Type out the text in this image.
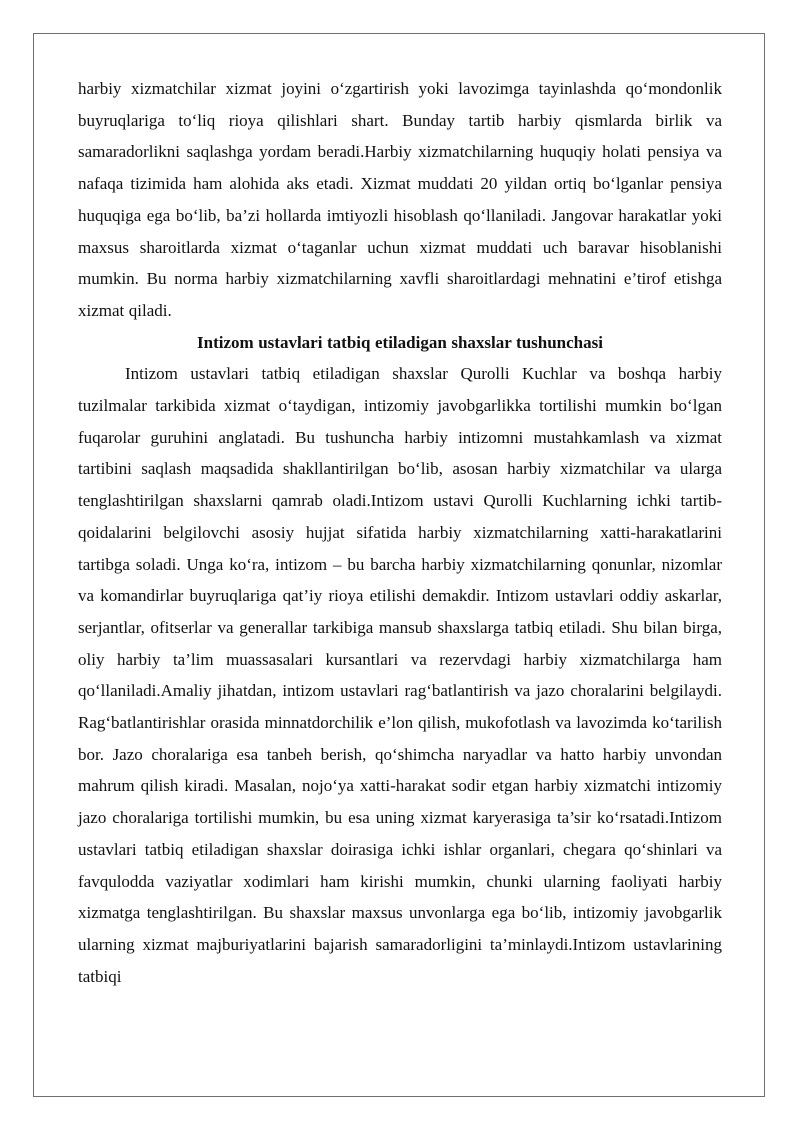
harbiy xizmatchilar xizmat joyini o‘zgartirish yoki lavozimga tayinlashda qo‘mondonlik buyruqlariga to‘liq rioya qilishlari shart. Bunday tartib harbiy qismlarda birlik va samaradorlikni saqlashga yordam beradi.Harbiy xizmatchilarning huquqiy holati pensiya va nafaqa tizimida ham alohida aks etadi. Xizmat muddati 20 yildan ortiq bo‘lganlar pensiya huquqiga ega bo‘lib, ba’zi hollarda imtiyozli hisoblash qo‘llaniladi. Jangovar harakatlar yoki maxsus sharoitlarda xizmat o‘taganlar uchun xizmat muddati uch baravar hisoblanishi mumkin. Bu norma harbiy xizmatchilarning xavfli sharoitlardagi mehnatini e’tirof etishga xizmat qiladi.

Intizom ustavlari tatbiq etiladigan shaxslar tushunchasi

Intizom ustavlari tatbiq etiladigan shaxslar Qurolli Kuchlar va boshqa harbiy tuzilmalar tarkibida xizmat o‘taydigan, intizomiy javobgarlikka tortilishi mumkin bo‘lgan fuqarolar guruhini anglatadi. Bu tushuncha harbiy intizomni mustahkamlash va xizmat tartibini saqlash maqsadida shakllantirilgan bo‘lib, asosan harbiy xizmatchilar va ularga tenglashtirilgan shaxslarni qamrab oladi.Intizom ustavi Qurolli Kuchlarning ichki tartib-qoidalarini belgilovchi asosiy hujjat sifatida harbiy xizmatchilarning xatti-harakatlarini tartibga soladi. Unga ko‘ra, intizom – bu barcha harbiy xizmatchilarning qonunlar, nizomlar va komandirlar buyruqlariga qat’iy rioya etilishi demakdir. Intizom ustavlari oddiy askarlar, serjantlar, ofitserlar va generallar tarkibiga mansub shaxslarga tatbiq etiladi. Shu bilan birga, oliy harbiy ta’lim muassasalari kursantlari va rezervdagi harbiy xizmatchilarga ham qo‘llaniladi.Amaliy jihatdan, intizom ustavlari rag‘batlantirish va jazo choralarini belgilaydi. Rag‘batlantirishlar orasida minnatdorchilik e’lon qilish, mukofotlash va lavozimda ko‘tarilish bor. Jazo choralariga esa tanbeh berish, qo‘shimcha naryadlar va hatto harbiy unvondan mahrum qilish kiradi. Masalan, nojo‘ya xatti-harakat sodir etgan harbiy xizmatchi intizomiy jazo choralariga tortilishi mumkin, bu esa uning xizmat karyerasiga ta’sir ko‘rsatadi.Intizom ustavlari tatbiq etiladigan shaxslar doirasiga ichki ishlar organlari, chegara qo‘shinlari va favqulodda vaziyatlar xodimlari ham kirishi mumkin, chunki ularning faoliyati harbiy xizmatga tenglashtirilgan. Bu shaxslar maxsus unvonlarga ega bo‘lib, intizomiy javobgarlik ularning xizmat majburiyatlarini bajarish samaradorligini ta’minlaydi.Intizom ustavlarining tatbiqi
